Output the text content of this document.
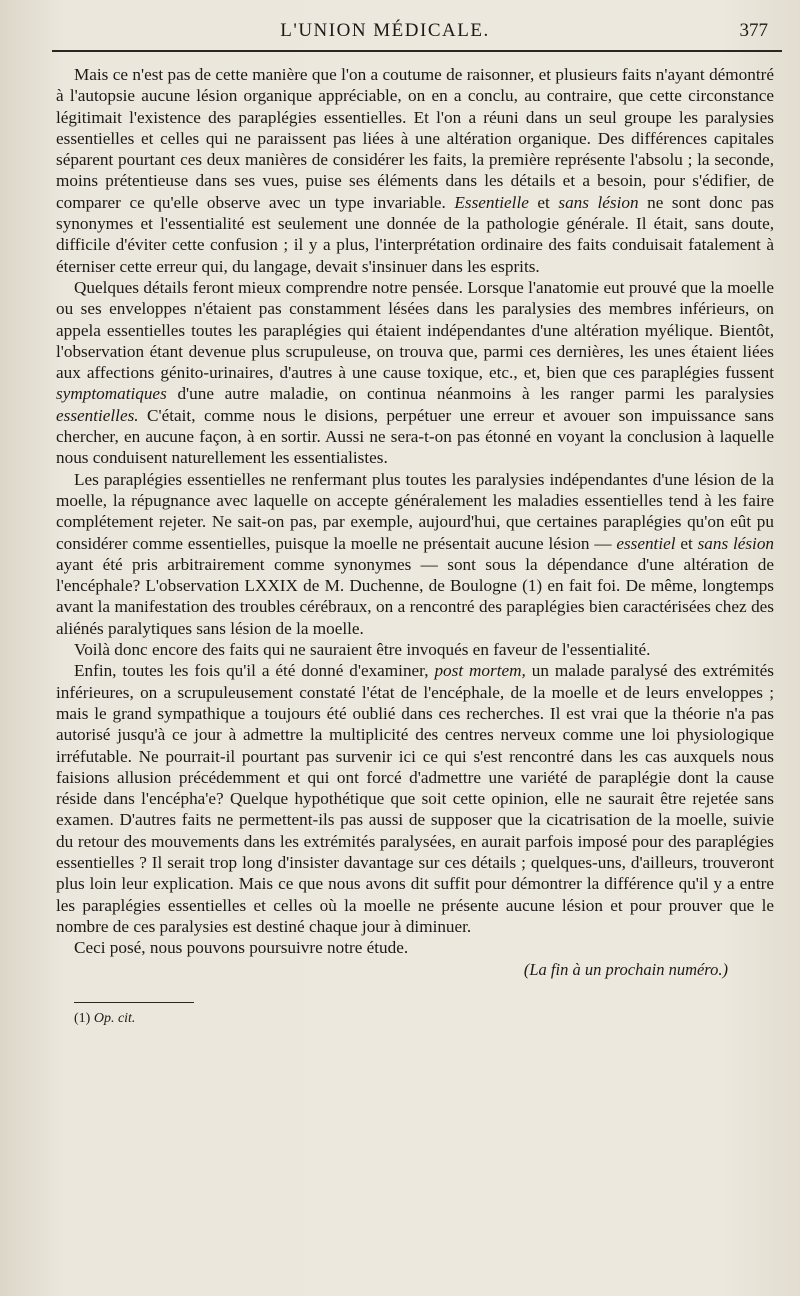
L'UNION MÉDICALE.	377

Mais ce n'est pas de cette manière que l'on a coutume de raisonner, et plusieurs faits n'ayant démontré à l'autopsie aucune lésion organique appréciable, on en a conclu, au contraire, que cette circonstance légitimait l'existence des paraplégies essentielles. Et l'on a réuni dans un seul groupe les paralysies essentielles et celles qui ne paraissent pas liées à une altération organique. Des différences capitales séparent pourtant ces deux manières de considérer les faits, la première représente l'absolu ; la seconde, moins prétentieuse dans ses vues, puise ses éléments dans les détails et a besoin, pour s'édifier, de comparer ce qu'elle observe avec un type invariable. Essentielle et sans lésion ne sont donc pas synonymes et l'essentialité est seulement une donnée de la pathologie générale. Il était, sans doute, difficile d'éviter cette confusion ; il y a plus, l'interprétation ordinaire des faits conduisait fatalement à éterniser cette erreur qui, du langage, devait s'insinuer dans les esprits.

Quelques détails feront mieux comprendre notre pensée. Lorsque l'anatomie eut prouvé que la moelle ou ses enveloppes n'étaient pas constamment lésées dans les paralysies des membres inférieurs, on appela essentielles toutes les paraplégies qui étaient indépendantes d'une altération myélique. Bientôt, l'observation étant devenue plus scrupuleuse, on trouva que, parmi ces dernières, les unes étaient liées aux affections génito-urinaires, d'autres à une cause toxique, etc., et, bien que ces paraplégies fussent symptomatiques d'une autre maladie, on continua néanmoins à les ranger parmi les paralysies essentielles. C'était, comme nous le disions, perpétuer une erreur et avouer son impuissance sans chercher, en aucune façon, à en sortir. Aussi ne sera-t-on pas étonné en voyant la conclusion à laquelle nous conduisent naturellement les essentialistes.

Les paraplégies essentielles ne renfermant plus toutes les paralysies indépendantes d'une lésion de la moelle, la répugnance avec laquelle on accepte généralement les maladies essentielles tend à les faire complétement rejeter. Ne sait-on pas, par exemple, aujourd'hui, que certaines paraplégies qu'on eût pu considérer comme essentielles, puisque la moelle ne présentait aucune lésion — essentiel et sans lésion ayant été pris arbitrairement comme synonymes — sont sous la dépendance d'une altération de l'encéphale? L'observation LXXIX de M. Duchenne, de Boulogne (1) en fait foi. De même, longtemps avant la manifestation des troubles cérébraux, on a rencontré des paraplégies bien caractérisées chez des aliénés paralytiques sans lésion de la moelle.

Voilà donc encore des faits qui ne sauraient être invoqués en faveur de l'essentialité.

Enfin, toutes les fois qu'il a été donné d'examiner, post mortem, un malade paralysé des extrémités inférieures, on a scrupuleusement constaté l'état de l'encéphale, de la moelle et de leurs enveloppes ; mais le grand sympathique a toujours été oublié dans ces recherches. Il est vrai que la théorie n'a pas autorisé jusqu'à ce jour à admettre la multiplicité des centres nerveux comme une loi physiologique irréfutable. Ne pourrait-il pourtant pas survenir ici ce qui s'est rencontré dans les cas auxquels nous faisions allusion précédemment et qui ont forcé d'admettre une variété de paraplégie dont la cause réside dans l'encépha'e? Quelque hypothétique que soit cette opinion, elle ne saurait être rejetée sans examen. D'autres faits ne permettent-ils pas aussi de supposer que la cicatrisation de la moelle, suivie du retour des mouvements dans les extrémités paralysées, en aurait parfois imposé pour des paraplégies essentielles ? Il serait trop long d'insister davantage sur ces détails ; quelques-uns, d'ailleurs, trouveront plus loin leur explication. Mais ce que nous avons dit suffit pour démontrer la différence qu'il y a entre les paraplégies essentielles et celles où la moelle ne présente aucune lésion et pour prouver que le nombre de ces paralysies est destiné chaque jour à diminuer.

Ceci posé, nous pouvons poursuivre notre étude.

(La fin à un prochain numéro.)
(1) Op. cit.
